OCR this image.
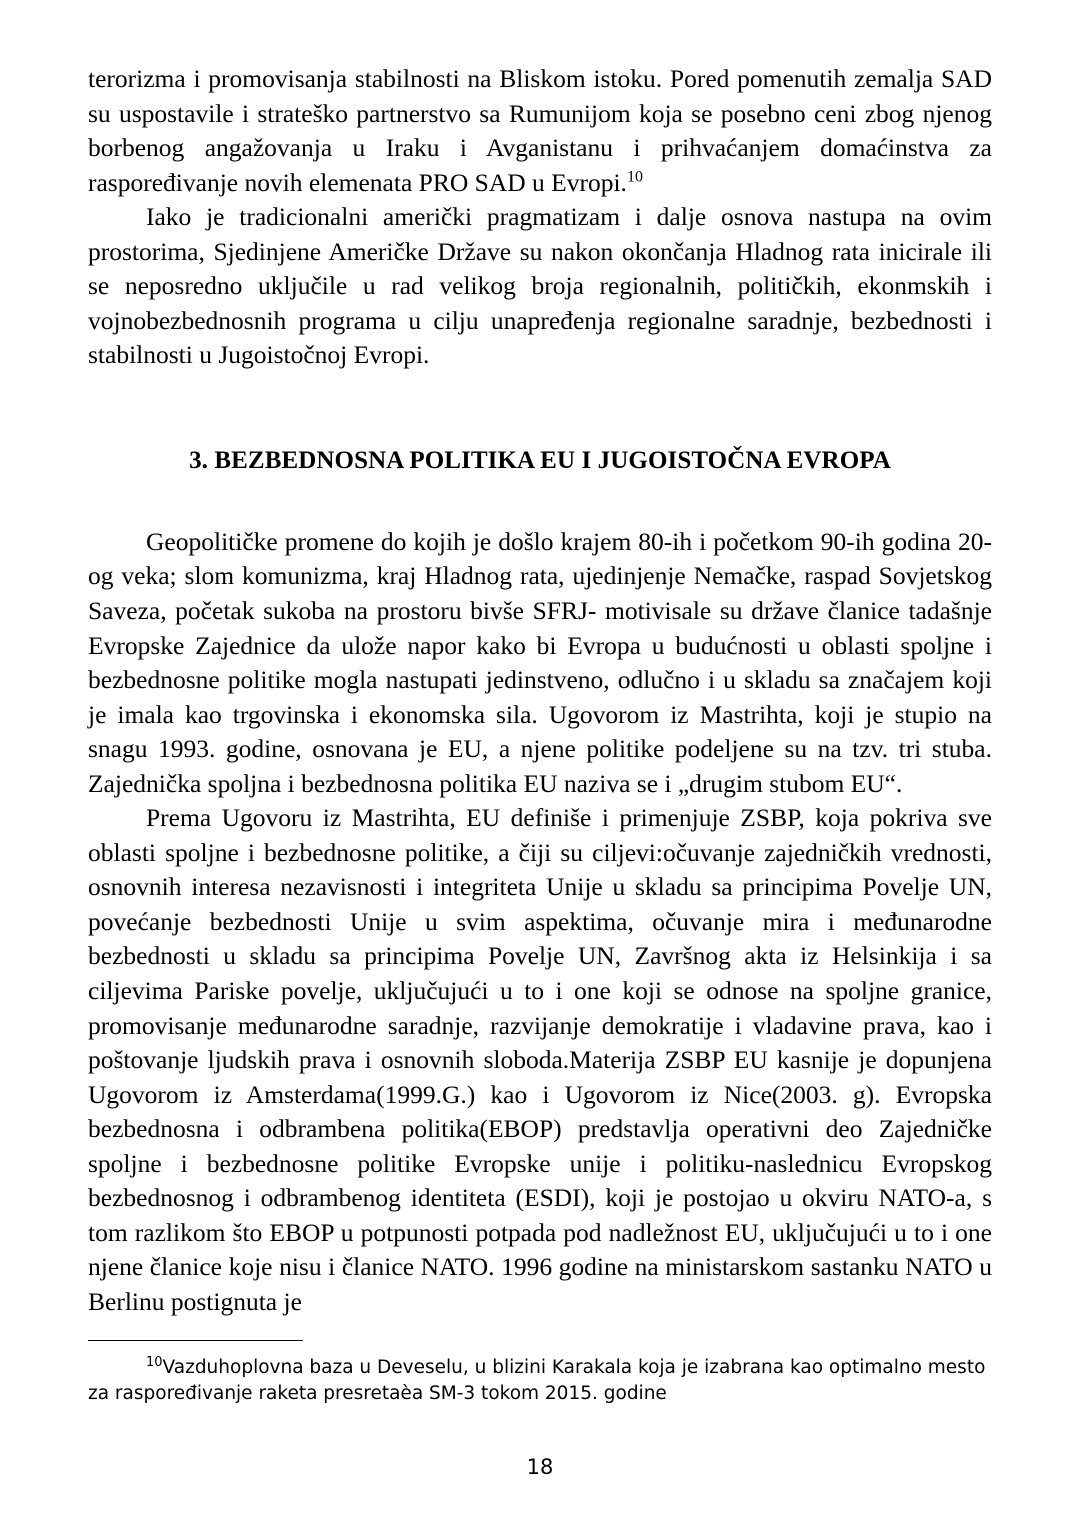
terorizma i promovisanja stabilnosti na Bliskom istoku. Pored pomenutih zemalja SAD su uspostavile i strateško partnerstvo sa Rumunijom koja se posebno ceni zbog njenog borbenog angažovanja u Iraku i Avganistanu i prihvaćanjem domaćinstva za raspoređivanje novih elemenata PRO SAD u Evropi.$^{10}$

Iako je tradicionalni američki pragmatizam i dalje osnova nastupa na ovim prostorima, Sjedinjene Američke Države su nakon okončanja Hladnog rata inicirale ili se neposredno uključile u rad velikog broja regionalnih, političkih, ekonmskih i vojnobezbednosnih programa u cilju unapređenja regionalne saradnje, bezbednosti i stabilnosti u Jugoistočnoj Evropi.

3. BEZBEDNOSNA POLITIKA EU I JUGOISTOČNA EVROPA

Geopolitičke promene do kojih je došlo krajem 80-ih i početkom 90-ih godina 20-og veka; slom komunizma, kraj Hladnog rata, ujedinjenje Nemačke, raspad Sovjetskog Saveza, početak sukoba na prostoru bivše SFRJ- motivisale su države članice tadašnje Evropske Zajednice da ulože napor kako bi Evropa u budućnosti u oblasti spoljne i bezbednosne politike mogla nastupati jedinstveno, odlučno i u skladu sa značajem koji je imala kao trgovinska i ekonomska sila. Ugovorom iz Mastrihta, koji je stupio na snagu 1993. godine, osnovana je EU, a njene politike podeljene su na tzv. tri stuba. Zajednička spoljna i bezbednosna politika EU naziva se i „drugim stubom EU“.

Prema Ugovoru iz Mastrihta, EU definiše i primenjuje ZSBP, koja pokriva sve oblasti spoljne i bezbednosne politike, a čiji su ciljevi:očuvanje zajedničkih vrednosti, osnovnih interesa nezavisnosti i integriteta Unije u skladu sa principima Povelje UN, povećanje bezbednosti Unije u svim aspektima, očuvanje mira i međunarodne bezbednosti u skladu sa principima Povelje UN, Završnog akta iz Helsinkija i sa ciljevima Pariske povelje, uključujući u to i one koji se odnose na spoljne granice, promovisanje međunarodne saradnje, razvijanje demokratije i vladavine prava, kao i poštovanje ljudskih prava i osnovnih sloboda.Materija ZSBP EU kasnije je dopunjena Ugovorom iz Amsterdama(1999.G.) kao i Ugovorom iz Nice(2003. g). Evropska bezbednosna i odbrambena politika(EBOP) predstavlja operativni deo Zajedničke spoljne i bezbednosne politike Evropske unije i politiku-naslednicu Evropskog bezbednosnog i odbrambenog identiteta (ESDI), koji je postojao u okviru NATO-a, s tom razlikom što EBOP u potpunosti potpada pod nadležnost EU, uključujući u to i one njene članice koje nisu i članice NATO. 1996 godine na ministarskom sastanku NATO u Berlinu postignuta je

$^{10}$Vazduhoplovna baza u Deveselu, u blizini Karakala koja je izabrana kao optimalno mesto za raspoređivanje raketa presretaèa SM-3 tokom 2015. godine

18
